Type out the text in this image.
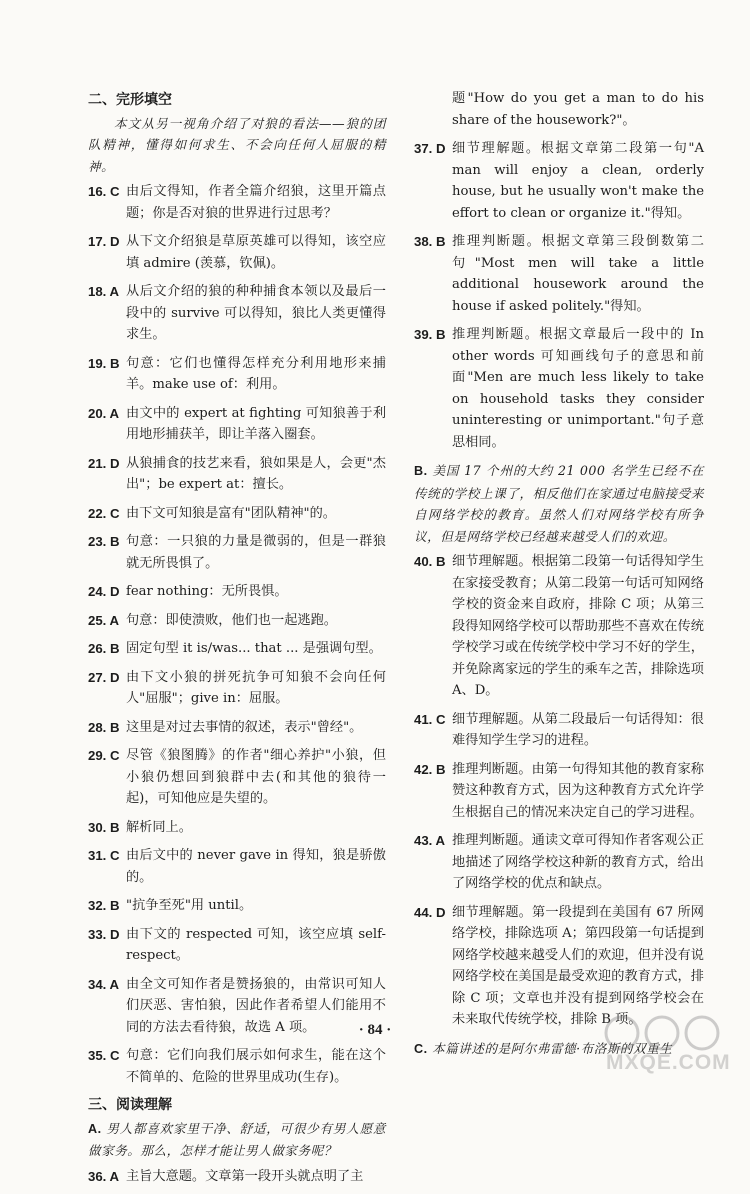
二、完形填空
本文从另一视角介绍了对狼的看法——狼的团队精神，懂得如何求生、不会向任何人屈服的精神。
16. C 由后文得知，作者全篇介绍狼，这里开篇点题；你是否对狼的世界进行过思考？
17. D 从下文介绍狼是草原英雄可以得知，该空应填 admire (羡慕，钦佩)。
18. A 从后文介绍的狼的种种捕食本领以及最后一段中的 survive 可以得知，狼比人类更懂得求生。
19. B 句意：它们也懂得怎样充分利用地形来捕羊。make use of：利用。
20. A 由文中的 expert at fighting 可知狼善于利用地形捕获羊，即让羊落入圈套。
21. D 从狼捕食的技艺来看，狼如果是人，会更"杰出"；be expert at：擅长。
22. C 由下文可知狼是富有"团队精神"的。
23. B 句意：一只狼的力量是微弱的，但是一群狼就无所畏惧了。
24. D fear nothing：无所畏惧。
25. A 句意：即使溃败，他们也一起逃跑。
26. B 固定句型 it is/was... that ... 是强调句型。
27. D 由下文小狼的拼死抗争可知狼不会向任何人"屈服"；give in：屈服。
28. B 这里是对过去事情的叙述，表示"曾经"。
29. C 尽管《狼图腾》的作者"细心养护"小狼，但小狼仍想回到狼群中去(和其他的狼待一起)，可知他应是失望的。
30. B 解析同上。
31. C 由后文中的 never gave in 得知，狼是骄傲的。
32. B "抗争至死"用 until。
33. D 由下文的 respected 可知，该空应填 self-respect。
34. A 由全文可知作者是赞扬狼的，由常识可知人们厌恶、害怕狼，因此作者希望人们能用不同的方法去看待狼，故选 A 项。
35. C 句意：它们向我们展示如何求生，能在这个不简单的、危险的世界里成功(生存)。
三、阅读理解
A. 男人都喜欢家里干净、舒适，可很少有男人愿意做家务。那么，怎样才能让男人做家务呢？
36. A 主旨大意题。文章第一段开头就点明了主
题"How do you get a man to do his share of the housework?"。
37. D 细节理解题。根据文章第二段第一句"A man will enjoy a clean, orderly house, but he usually won't make the effort to clean or organize it."得知。
38. B 推理判断题。根据文章第三段倒数第二句"Most men will take a little additional housework around the house if asked politely."得知。
39. B 推理判断题。根据文章最后一段中的 In other words 可知画线句子的意思和前面"Men are much less likely to take on household tasks they consider uninteresting or unimportant."句子意思相同。
B. 美国 17 个州的大约 21 000 名学生已经不在传统的学校上课了，相反他们在家通过电脑接受来自网络学校的教育。虽然人们对网络学校有所争议，但是网络学校已经越来越受人们的欢迎。
40. B 细节理解题。根据第二段第一句话得知学生在家接受教育；从第二段第一句话可知网络学校的资金来自政府，排除 C 项；从第三段得知网络学校可以帮助那些不喜欢在传统学校学习或在传统学校中学习不好的学生，并免除离家远的学生的乘车之苦，排除选项 A、D。
41. C 细节理解题。从第二段最后一句话得知：很难得知学生学习的进程。
42. B 推理判断题。由第一句得知其他的教育家称赞这种教育方式，因为这种教育方式允许学生根据自己的情况来决定自己的学习进程。
43. A 推理判断题。通读文章可得知作者客观公正地描述了网络学校这种新的教育方式，给出了网络学校的优点和缺点。
44. D 细节理解题。第一段提到在美国有 67 所网络学校，排除选项 A；第四段第一句话提到网络学校越来越受人们的欢迎，但并没有说网络学校在美国是最受欢迎的教育方式，排除 C 项；文章也并没有提到网络学校会在未来取代传统学校，排除 B 项。
C. 本篇讲述的是阿尔弗雷德·布洛斯的双重生
· 84 ·
MXQE.COM
